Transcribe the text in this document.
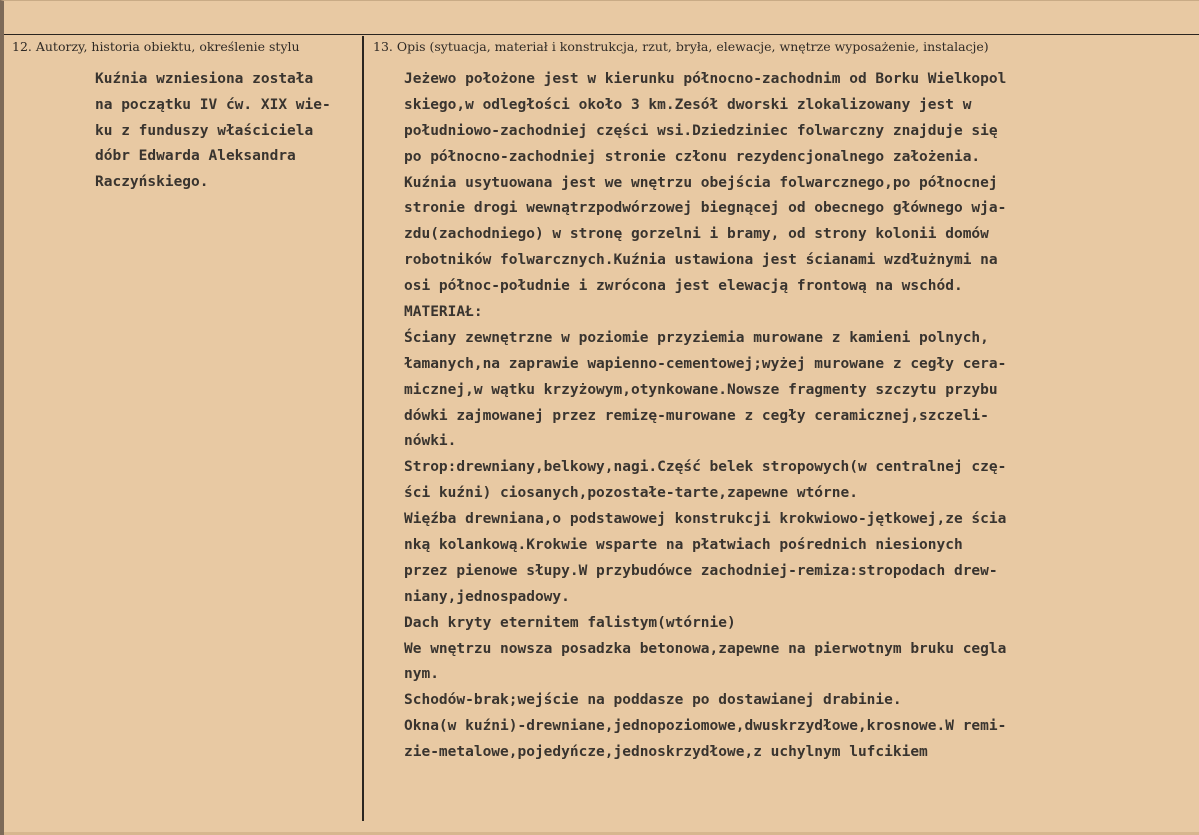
12. Autorzy, historia obiektu, określenie stylu	13. Opis (sytuacja, materiał i konstrukcja, rzut, bryła, elewacje, wnętrze wyposażenie, instalacje)
Kuźnia wzniesiona została
na początku IV ćw. XIX wie-
ku z funduszy właściciela
dóbr Edwarda Aleksandra
Raczyńskiego.
Jeżewo położone jest w kierunku północno-zachodnim od Borku Wielkopol
skiego,w odległości około 3 km.Zesół dworski zlokalizowany jest w
południowo-zachodniej części wsi.Dziedziniec folwarczny znajduje się
po północno-zachodniej stronie członu rezydencjonalnego założenia.
Kuźnia usytuowana jest we wnętrzu obejścia folwarcznego,po północnej
stronie drogi wewnątrzpodwórzowej biegnącej od obecnego głównego wja-
zdu(zachodniego) w stronę gorzelni i bramy, od strony kolonii domów
robotników folwarcznych.Kuźnia ustawiona jest ścianami wzdłużnymi na
osi północ-południe i zwrócona jest elewacją frontową na wschód.
MATERIAŁ:
Ściany zewnętrzne w poziomie przyziemia murowane z kamieni polnych,
łamanych,na zaprawie wapienno-cementowej;wyżej murowane z cegły cera-
micznej,w wątku krzyżowym,otynkowane.Nowsze fragmenty szczytu przybu
dówki zajmowanej przez remizę-murowane z cegły ceramicznej,szczeli-
nówki.
Strop:drewniany,belkowy,nagi.Część belek stropowych(w centralnej czę-
ści kuźni) ciosanych,pozostałe-tarte,zapewne wtórne.
Więźba drewniana,o podstawowej konstrukcji krokwiowo-jętkowej,ze ścia
nką kolankową.Krokwie wsparte na płatwiach pośrednich niesionych
przez pienowe słupy.W przybudówce zachodniej-remiza:stropodach drew-
niany,jednospadowy.
Dach kryty eternitem falistym(wtórnie)
We wnętrzu nowsza posadzka betonowa,zapewne na pierwotnym bruku cegla
nym.
Schodów-brak;wejście na poddasze po dostawianej drabinie.
Okna(w kuźni)-drewniane,jednopoziomowe,dwuskrzydłowe,krosnowe.W remi-
zie-metalowe,pojedyńcze,jednoskrzydłowe,z uchylnym lufcikiem
